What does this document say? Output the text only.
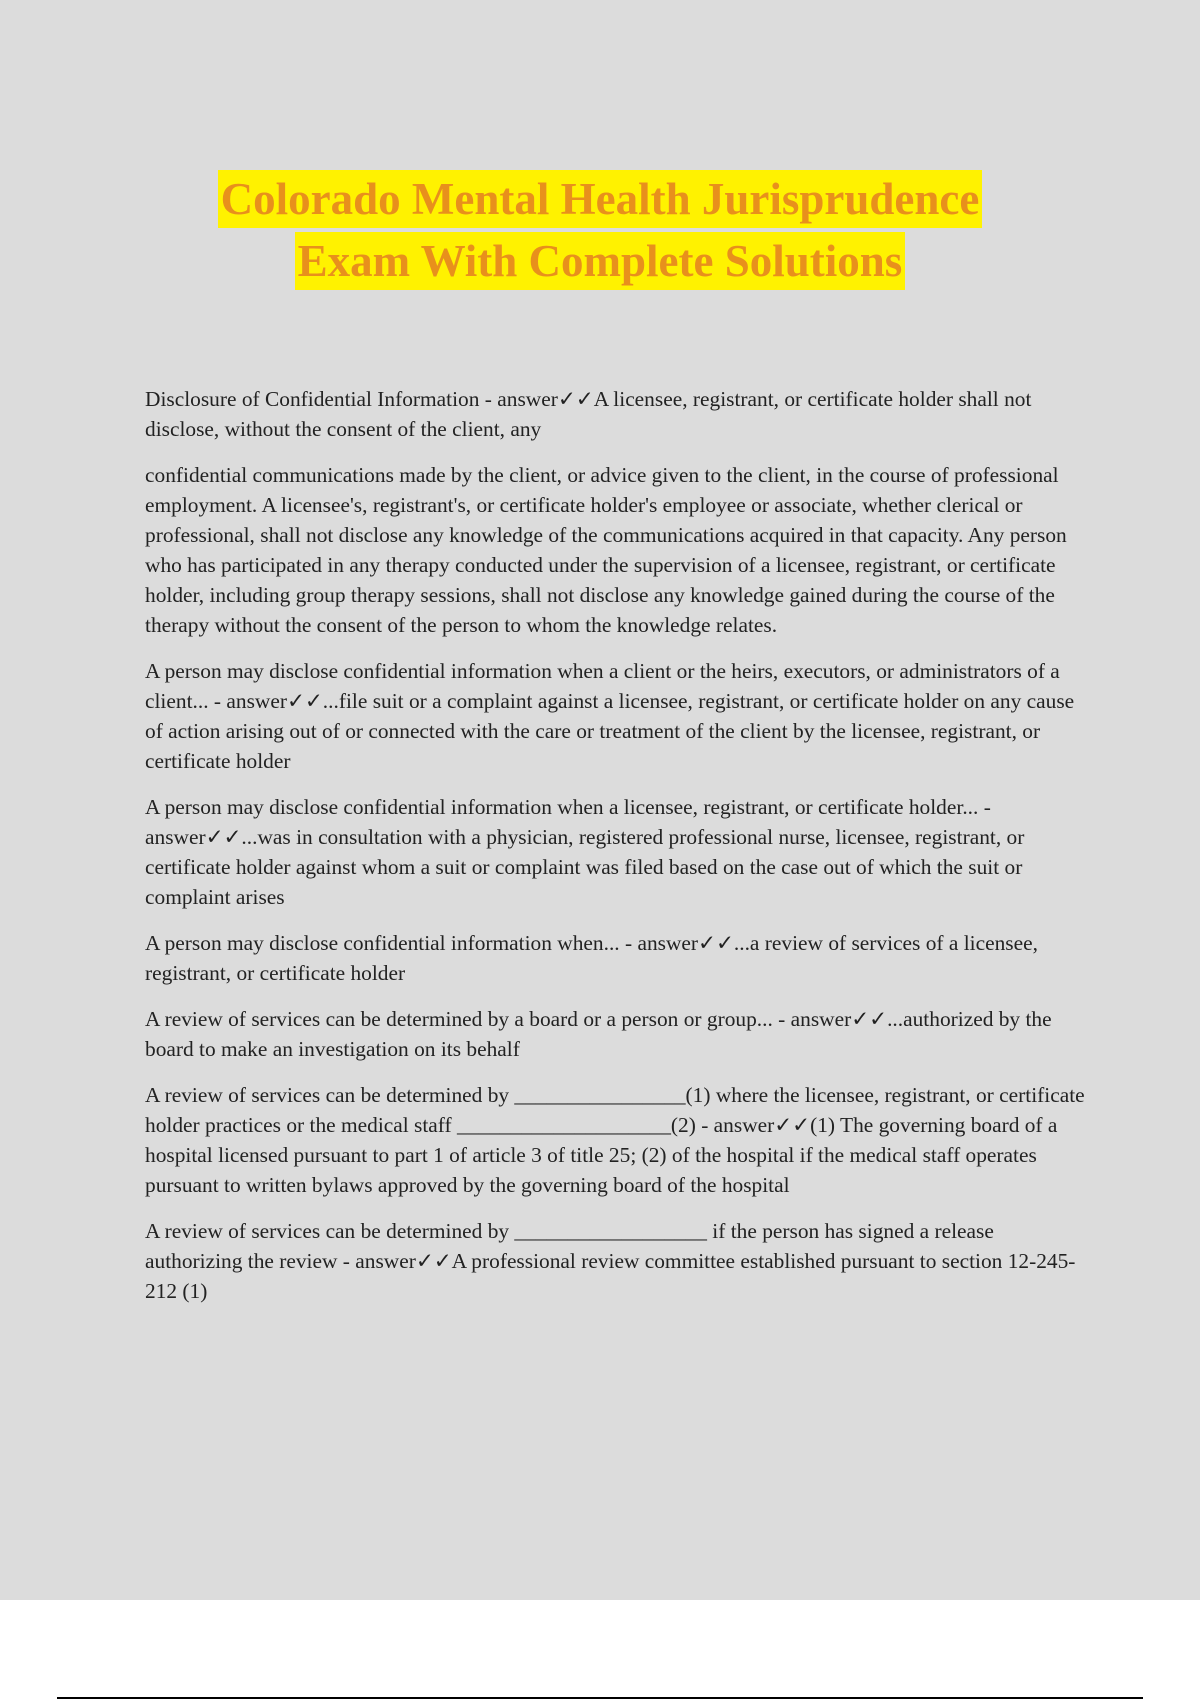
Colorado Mental Health Jurisprudence
Exam With Complete Solutions

Disclosure of Confidential Information - answer✓✓A licensee, registrant, or certificate holder shall not disclose, without the consent of the client, any

confidential communications made by the client, or advice given to the client, in the course of professional employment. A licensee's, registrant's, or certificate holder's employee or associate, whether clerical or professional, shall not disclose any knowledge of the communications acquired in that capacity. Any person who has participated in any therapy conducted under the supervision of a licensee, registrant, or certificate holder, including group therapy sessions, shall not disclose any knowledge gained during the course of the therapy without the consent of the person to whom the knowledge relates.

A person may disclose confidential information when a client or the heirs, executors, or administrators of a client... - answer✓✓...file suit or a complaint against a licensee, registrant, or certificate holder on any cause of action arising out of or connected with the care or treatment of the client by the licensee, registrant, or certificate holder

A person may disclose confidential information when a licensee, registrant, or certificate holder... - answer✓✓...was in consultation with a physician, registered professional nurse, licensee, registrant, or certificate holder against whom a suit or complaint was filed based on the case out of which the suit or complaint arises

A person may disclose confidential information when... - answer✓✓...a review of services of a licensee, registrant, or certificate holder

A review of services can be determined by a board or a person or group... - answer✓✓...authorized by the board to make an investigation on its behalf

A review of services can be determined by ________________(1) where the licensee, registrant, or certificate holder practices or the medical staff ____________________(2) - answer✓✓(1) The governing board of a hospital licensed pursuant to part 1 of article 3 of title 25; (2) of the hospital if the medical staff operates pursuant to written bylaws approved by the governing board of the hospital

A review of services can be determined by __________________ if the person has signed a release authorizing the review - answer✓✓A professional review committee established pursuant to section 12-245-212 (1)
